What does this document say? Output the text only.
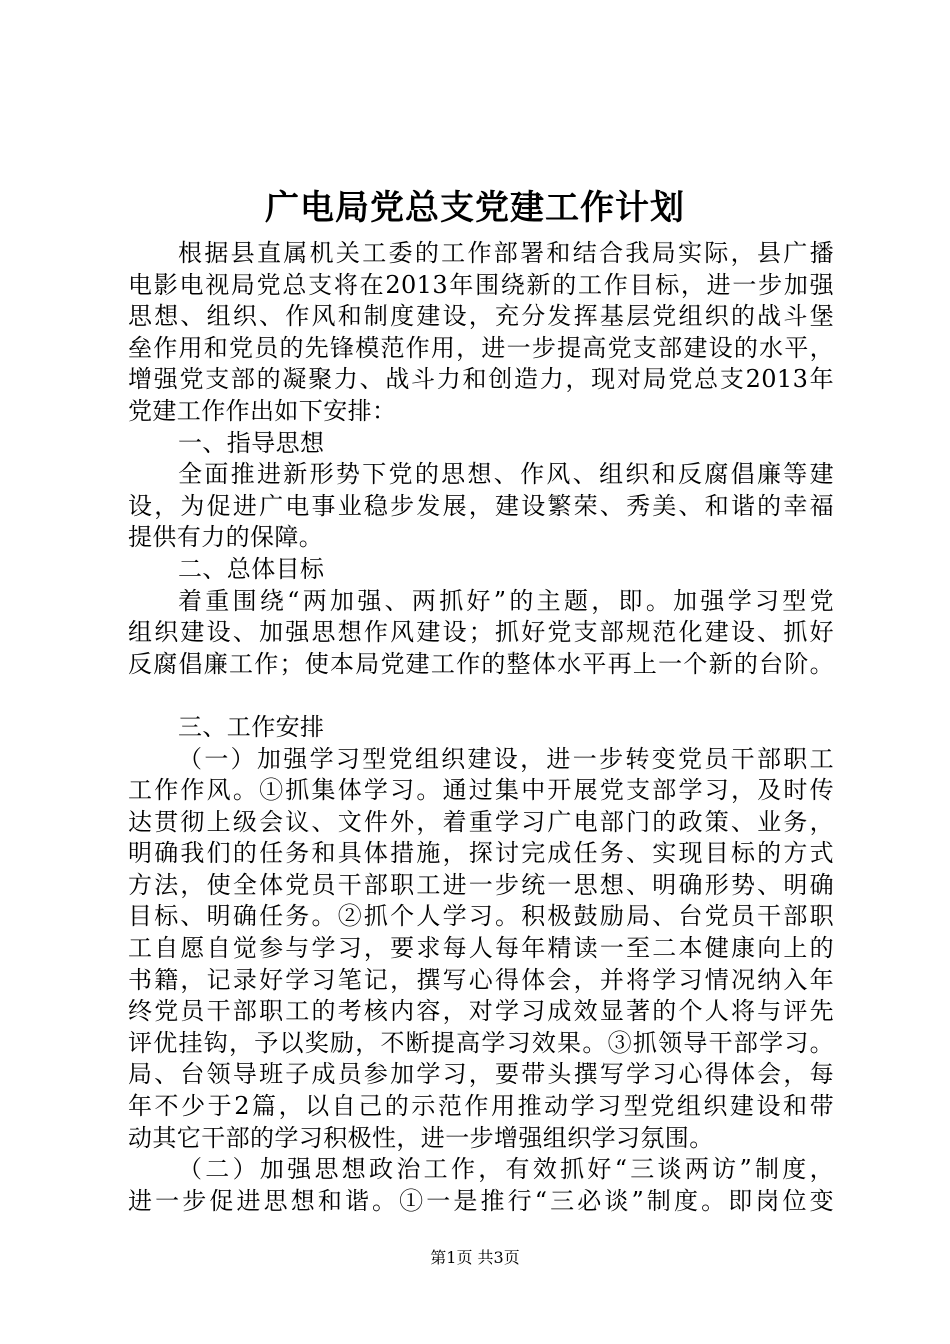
广电局党总支党建工作计划
根据县直属机关工委的工作部署和结合我局实际，县广播
电影电视局党总支将在2013年围绕新的工作目标，进一步加强
思想、组织、作风和制度建设，充分发挥基层党组织的战斗堡
垒作用和党员的先锋模范作用，进一步提高党支部建设的水平，
增强党支部的凝聚力、战斗力和创造力，现对局党总支2013年
党建工作作出如下安排：
一、指导思想
全面推进新形势下党的思想、作风、组织和反腐倡廉等建
设，为促进广电事业稳步发展，建设繁荣、秀美、和谐的幸福
提供有力的保障。
二、总体目标
着重围绕“两加强、两抓好”的主题，即。加强学习型党
组织建设、加强思想作风建设；抓好党支部规范化建设、抓好
反腐倡廉工作；使本局党建工作的整体水平再上一个新的台阶。
三、工作安排
（一）加强学习型党组织建设，进一步转变党员干部职工
工作作风。①抓集体学习。通过集中开展党支部学习，及时传
达贯彻上级会议、文件外，着重学习广电部门的政策、业务，
明确我们的任务和具体措施，探讨完成任务、实现目标的方式
方法，使全体党员干部职工进一步统一思想、明确形势、明确
目标、明确任务。②抓个人学习。积极鼓励局、台党员干部职
工自愿自觉参与学习，要求每人每年精读一至二本健康向上的
书籍，记录好学习笔记，撰写心得体会，并将学习情况纳入年
终党员干部职工的考核内容，对学习成效显著的个人将与评先
评优挂钩，予以奖励，不断提高学习效果。③抓领导干部学习。
局、台领导班子成员参加学习，要带头撰写学习心得体会，每
年不少于2篇，以自己的示范作用推动学习型党组织建设和带
动其它干部的学习积极性，进一步增强组织学习氛围。
（二）加强思想政治工作，有效抓好“三谈两访”制度，
进一步促进思想和谐。①一是推行“三必谈”制度。即岗位变
第1页 共3页
